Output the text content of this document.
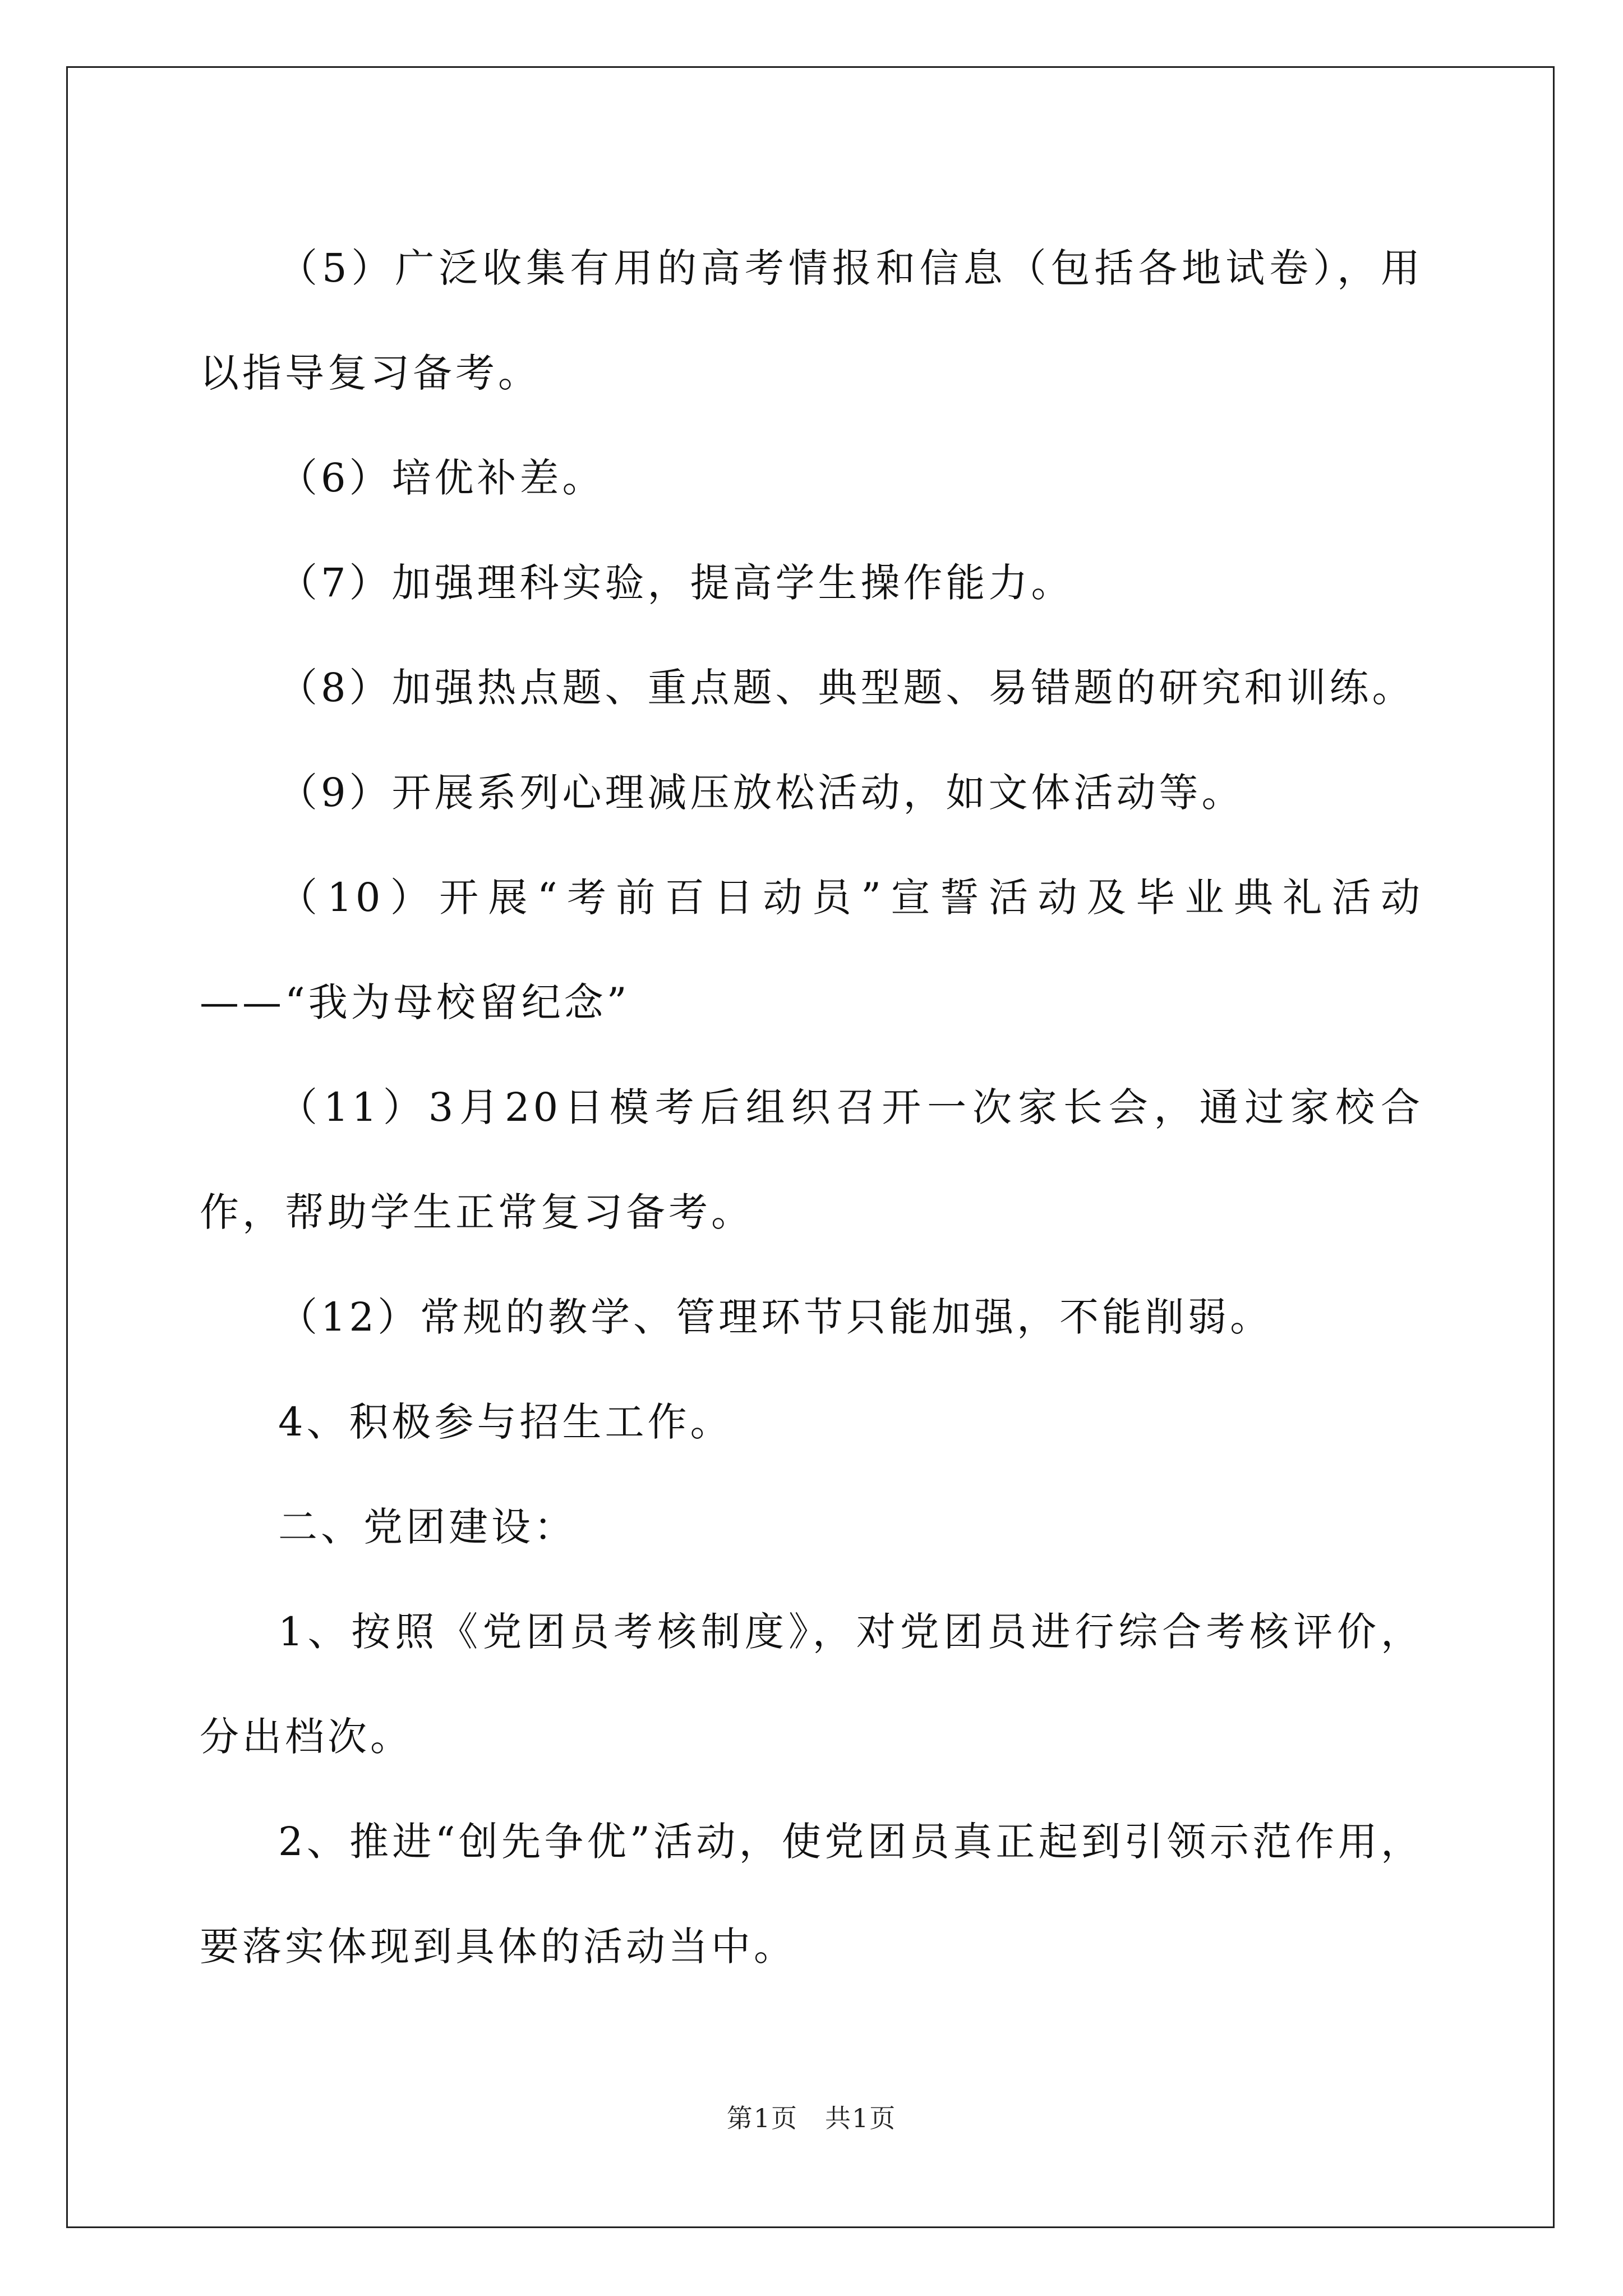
（5）广泛收集有用的高考情报和信息（包括各地试卷），用以指导复习备考。

（6）培优补差。

（7）加强理科实验，提高学生操作能力。

（8）加强热点题、重点题、典型题、易错题的研究和训练。

（9）开展系列心理减压放松活动，如文体活动等。

（10）开展“考前百日动员”宣誓活动及毕业典礼活动——“我为母校留纪念”

（11）3月20日模考后组织召开一次家长会，通过家校合作，帮助学生正常复习备考。

（12）常规的教学、管理环节只能加强，不能削弱。

4、积极参与招生工作。

二、党团建设：

1、按照《党团员考核制度》，对党团员进行综合考核评价，分出档次。

2、推进“创先争优”活动，使党团员真正起到引领示范作用，要落实体现到具体的活动当中。

第1页　共1页
